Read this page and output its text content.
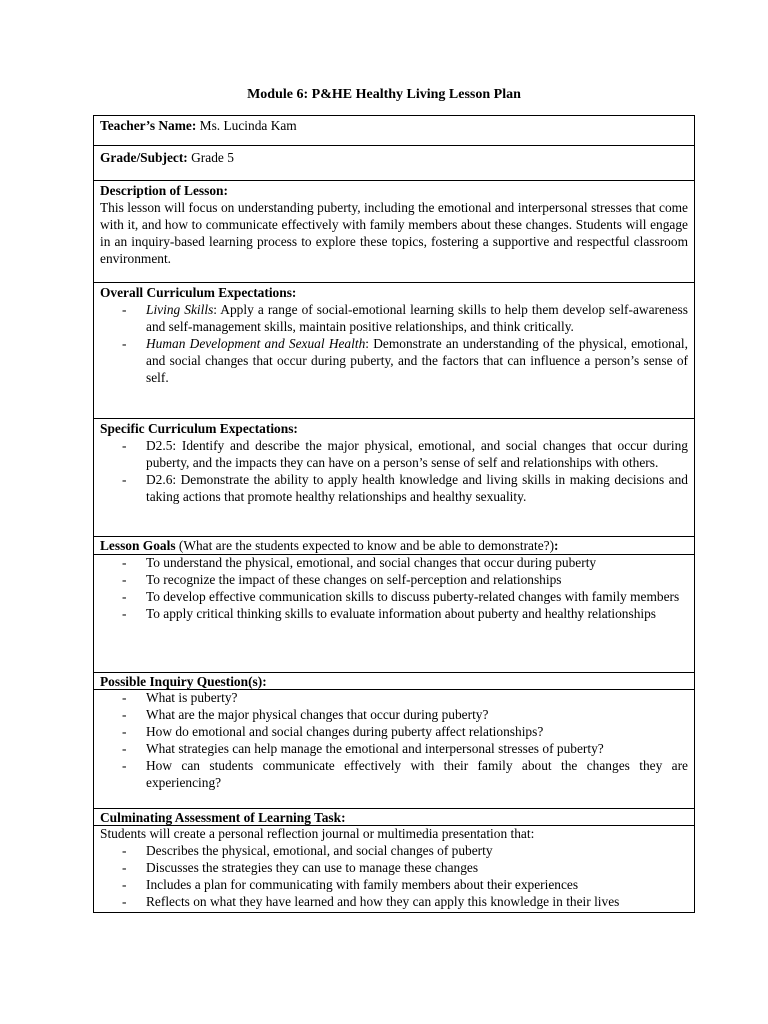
Module 6: P&HE Healthy Living Lesson Plan
Teacher’s Name: Ms. Lucinda Kam
Grade/Subject: Grade 5
Description of Lesson:
This lesson will focus on understanding puberty, including the emotional and interpersonal stresses that come with it, and how to communicate effectively with family members about these changes. Students will engage in an inquiry-based learning process to explore these topics, fostering a supportive and respectful classroom environment.
Overall Curriculum Expectations:
- Living Skills: Apply a range of social-emotional learning skills to help them develop self-awareness and self-management skills, maintain positive relationships, and think critically.
- Human Development and Sexual Health: Demonstrate an understanding of the physical, emotional, and social changes that occur during puberty, and the factors that can influence a person’s sense of self.
Specific Curriculum Expectations:
- D2.5: Identify and describe the major physical, emotional, and social changes that occur during puberty, and the impacts they can have on a person’s sense of self and relationships with others.
- D2.6: Demonstrate the ability to apply health knowledge and living skills in making decisions and taking actions that promote healthy relationships and healthy sexuality.
Lesson Goals (What are the students expected to know and be able to demonstrate?):
- To understand the physical, emotional, and social changes that occur during puberty
- To recognize the impact of these changes on self-perception and relationships
- To develop effective communication skills to discuss puberty-related changes with family members
- To apply critical thinking skills to evaluate information about puberty and healthy relationships
Possible Inquiry Question(s):
- What is puberty?
- What are the major physical changes that occur during puberty?
- How do emotional and social changes during puberty affect relationships?
- What strategies can help manage the emotional and interpersonal stresses of puberty?
- How can students communicate effectively with their family about the changes they are experiencing?
Culminating Assessment of Learning Task:
Students will create a personal reflection journal or multimedia presentation that:
- Describes the physical, emotional, and social changes of puberty
- Discusses the strategies they can use to manage these changes
- Includes a plan for communicating with family members about their experiences
- Reflects on what they have learned and how they can apply this knowledge in their lives
